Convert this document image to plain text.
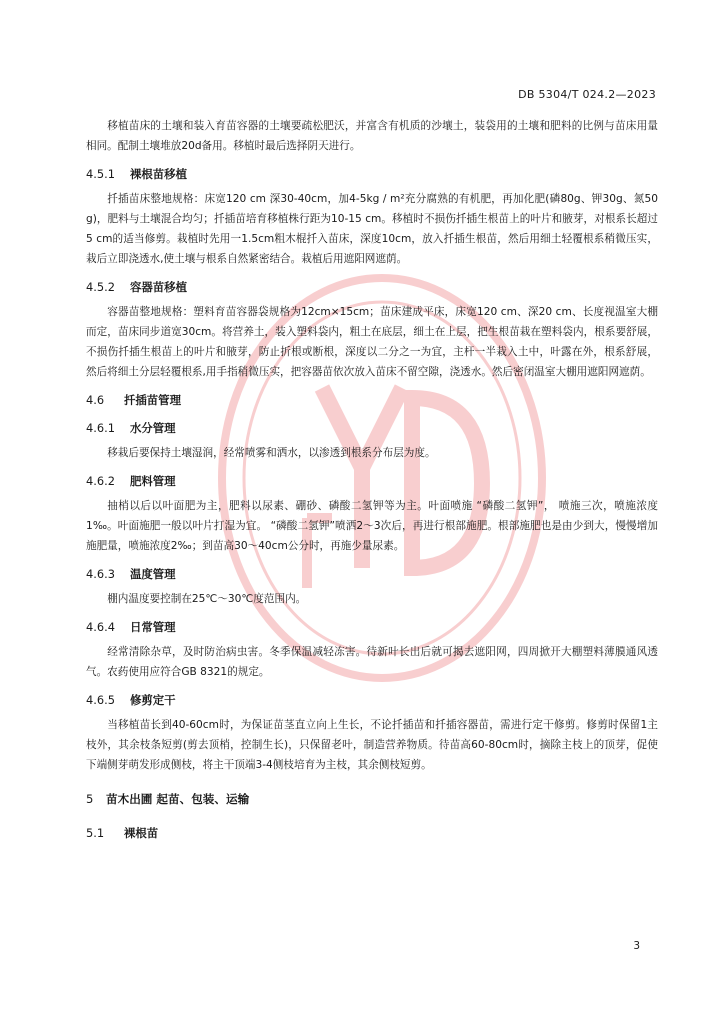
DB 5304/T 024.2—2023

移植苗床的土壤和装入育苗容器的土壤要疏松肥沃，并富含有机质的沙壤土，装袋用的土壤和肥料的比例与苗床用量相同。配制土壤堆放20d备用。移植时最后选择阴天进行。

4.5.1 裸根苗移植

扦插苗床整地规格：床宽120 cm 深30-40cm，加4-5kg / m²充分腐熟的有机肥，再加化肥(磷80g、钾30g、氮50g)，肥料与土壤混合均匀；扦插苗培育移植株行距为10-15 cm。移植时不损伤扦插生根苗上的叶片和腋芽，对根系长超过5 cm的适当修剪。栽植时先用一1.5cm粗木棍扦入苗床，深度10cm，放入扦插生根苗，然后用细土轻覆根系稍微压实，栽后立即浇透水,使土壤与根系自然紧密结合。栽植后用遮阳网遮荫。

4.5.2 容器苗移植

容器苗整地规格：塑料育苗容器袋规格为12cm×15cm；苗床建成平床，床宽120 cm、深20 cm、长度视温室大棚而定，苗床同步道宽30cm。将营养土，装入塑料袋内，粗土在底层，细土在上层，把生根苗栽在塑料袋内，根系要舒展，不损伤扦插生根苗上的叶片和腋芽，防止折根或断根，深度以二分之一为宜，主杆一半栽入土中，叶露在外，根系舒展，然后将细土分层轻覆根系,用手指稍微压实，把容器苗依次放入苗床不留空隙，浇透水。然后密闭温室大棚用遮阳网遮荫。

4.6 扦插苗管理
4.6.1 水分管理

移栽后要保持土壤湿润，经常喷雾和洒水，以渗透到根系分布层为度。

4.6.2 肥料管理

抽梢以后以叶面肥为主，肥料以尿素、硼砂、磷酸二氢钾等为主。叶面喷施 “磷酸二氢钾”， 喷施三次，喷施浓度1‰。叶面施肥一般以叶片打湿为宜。 “磷酸二氢钾”喷洒2～3次后，再进行根部施肥。根部施肥也是由少到大，慢慢增加施肥量，喷施浓度2‰；到苗高30～40cm公分时，再施少量尿素。

4.6.3 温度管理

棚内温度要控制在25℃～30℃度范围内。

4.6.4 日常管理

经常清除杂草，及时防治病虫害。冬季保温减轻冻害。待新叶长出后就可揭去遮阳网，四周掀开大棚塑料薄膜通风透气。农药使用应符合GB 8321的规定。

4.6.5 修剪定干

当移植苗长到40-60cm时，为保证苗茎直立向上生长，不论扦插苗和扦插容器苗，需进行定干修剪。修剪时保留1主枝外，其余枝条短剪(剪去顶梢，控制生长)，只保留老叶，制造营养物质。待苗高60-80cm时，摘除主枝上的顶芽，促使下端侧芽萌发形成侧枝，将主干顶端3-4侧枝培育为主枝，其余侧枝短剪。

5 苗木出圃 起苗、包装、运输
5.1 裸根苗
3
